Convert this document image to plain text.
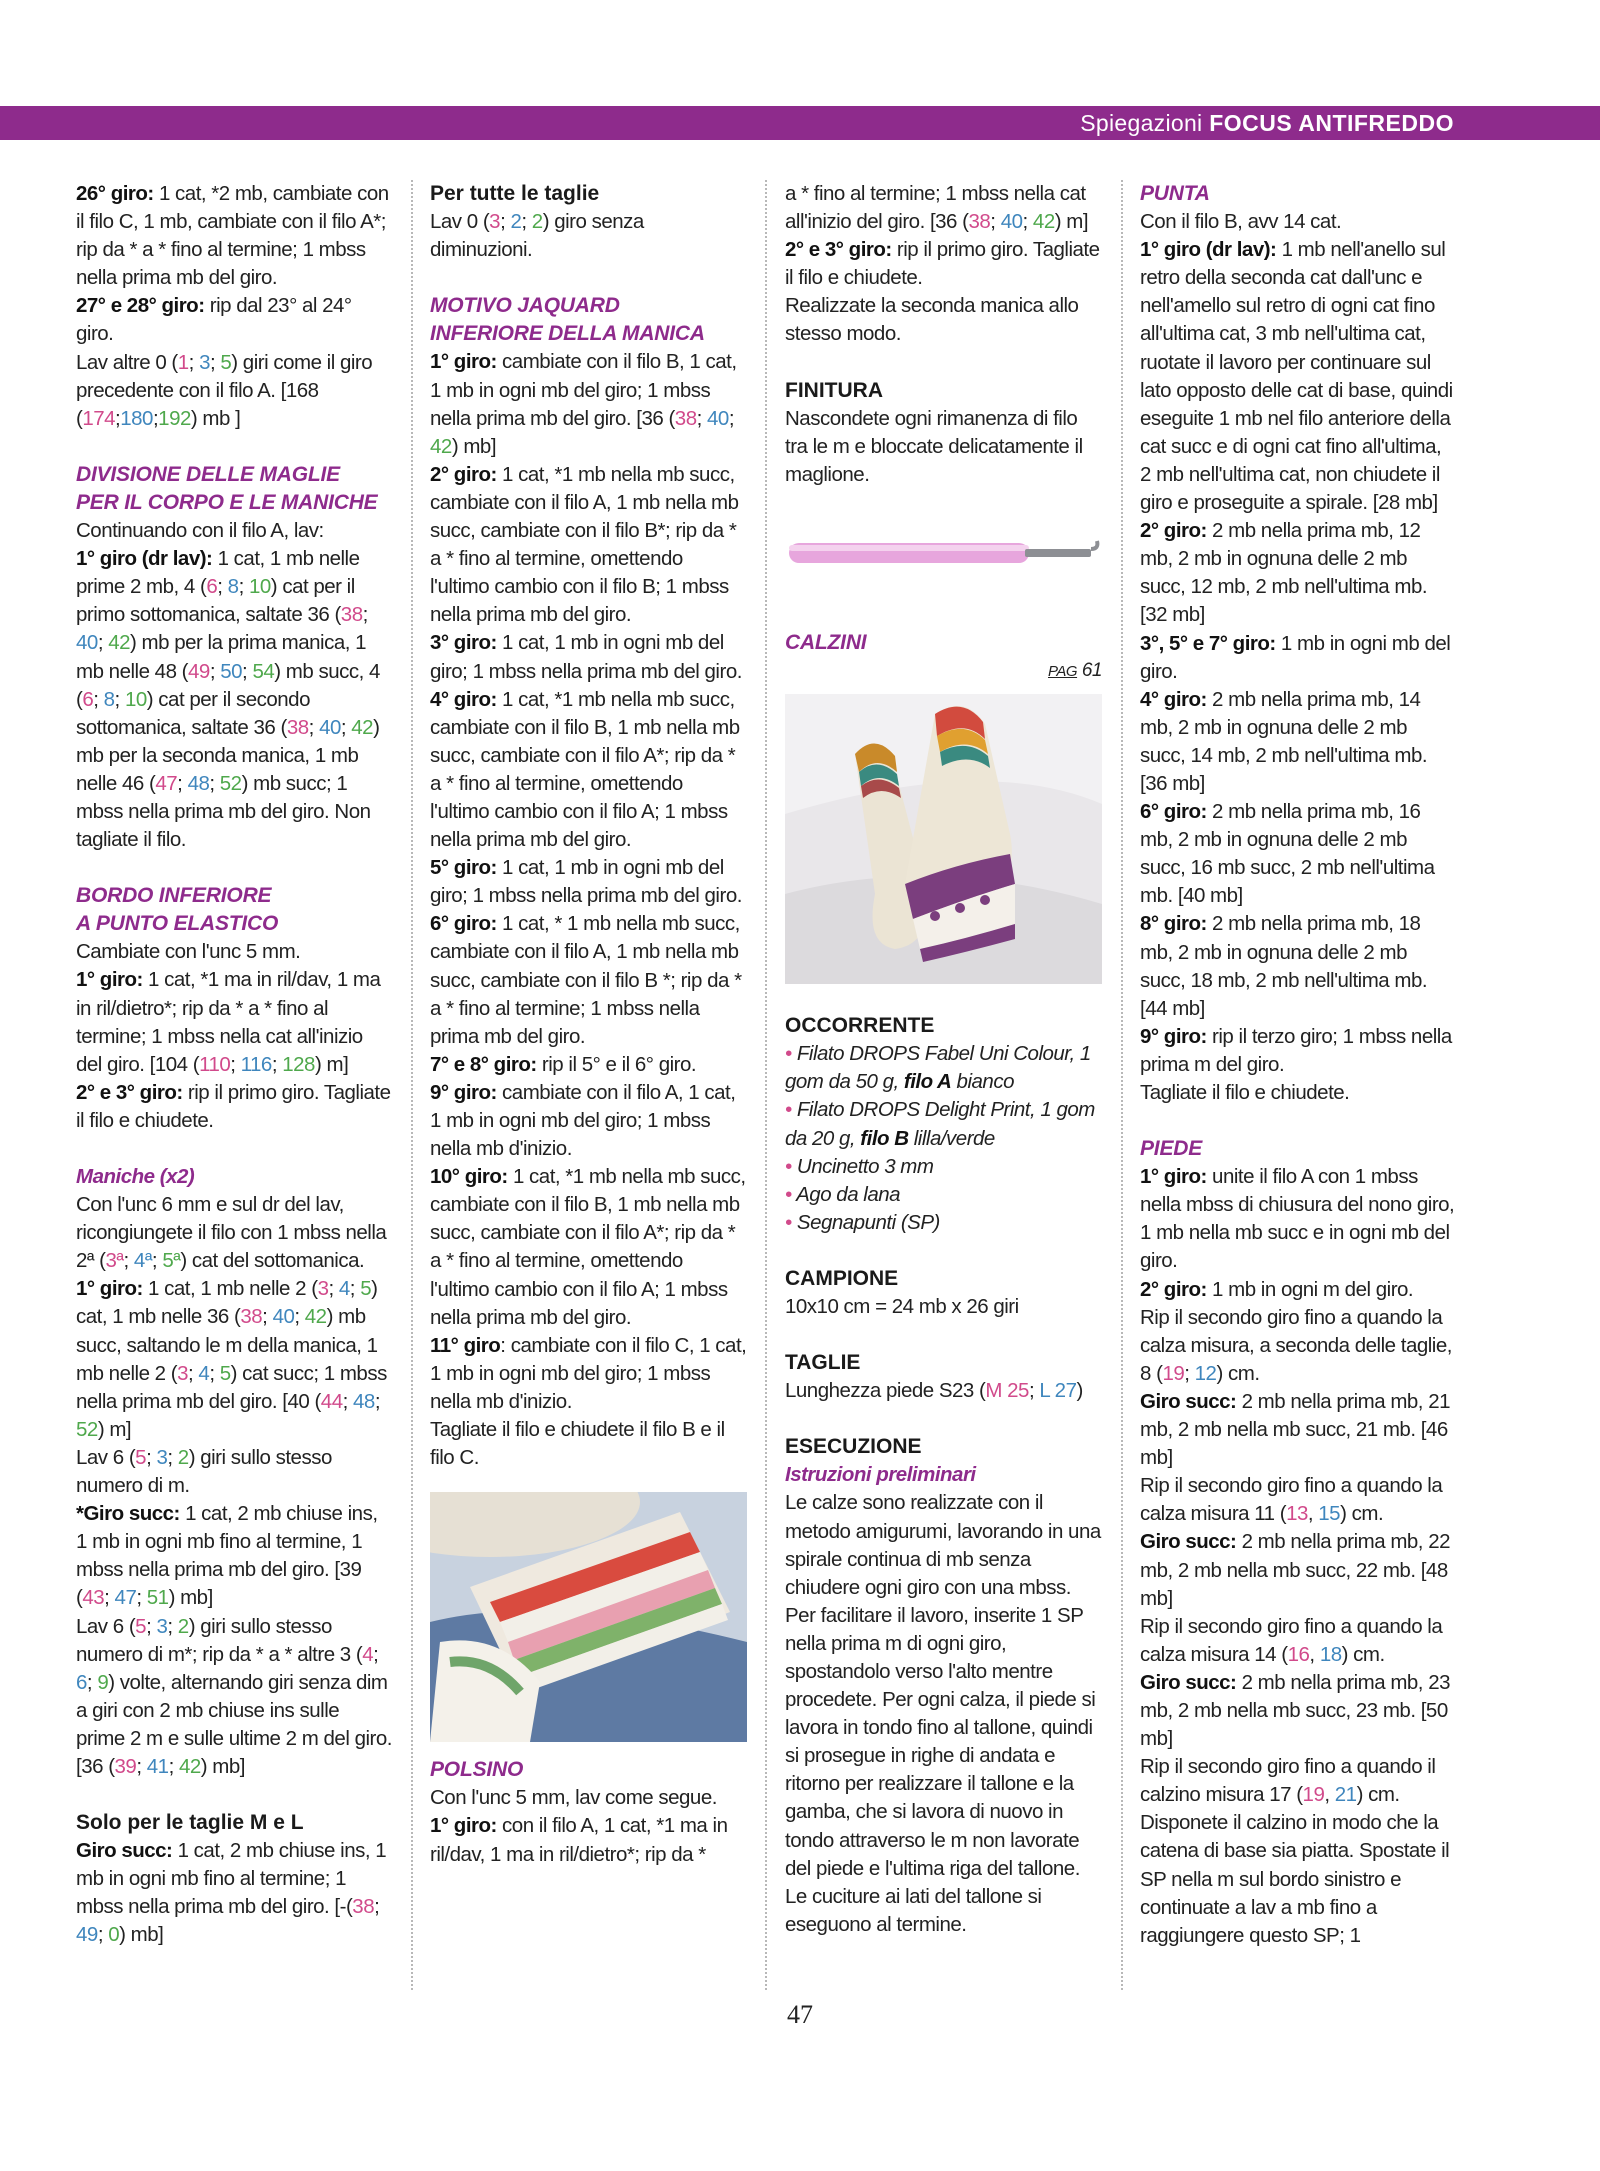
Spiegazioni FOCUS ANTIFREDDO

26° giro: 1 cat, *2 mb, cambiate con il filo C, 1 mb, cambiate con il filo A*; rip da * a * fino al termine; 1 mbss nella prima mb del giro.

27° e 28° giro: rip dal 23° al 24° giro.

Lav altre 0 (1; 3; 5) giri come il giro precedente con il filo A. [168 (174;180;192) mb ]

DIVISIONE DELLE MAGLIE

PER IL CORPO E LE MANICHE

Continuando con il filo A, lav:

1° giro (dr lav): 1 cat, 1 mb nelle prime 2 mb, 4 (6; 8; 10) cat per il primo sottomanica, saltate 36 (38; 40; 42) mb per la prima manica, 1 mb nelle 48 (49; 50; 54) mb succ, 4 (6; 8; 10) cat per il secondo sottomanica, saltate 36 (38; 40; 42) mb per la seconda manica, 1 mb nelle 46 (47; 48; 52) mb succ; 1 mbss nella prima mb del giro. Non tagliate il filo.

BORDO INFERIORE

A PUNTO ELASTICO

Cambiate con l'unc 5 mm.

1° giro: 1 cat, *1 ma in ril/dav, 1 ma in ril/dietro*; rip da * a * fino al termine; 1 mbss nella cat all'inizio del giro. [104 (110; 116; 128) m]

2° e 3° giro: rip il primo giro. Tagliate il filo e chiudete.

Maniche (x2)

Con l'unc 6 mm e sul dr del lav, ricongiungete il filo con 1 mbss nella 2ª (3ª; 4ª; 5ª) cat del sottomanica.

1° giro: 1 cat, 1 mb nelle 2 (3; 4; 5) cat, 1 mb nelle 36 (38; 40; 42) mb succ, saltando le m della manica, 1 mb nelle 2 (3; 4; 5) cat succ; 1 mbss nella prima mb del giro. [40 (44; 48; 52) m]

Lav 6 (5; 3; 2) giri sullo stesso numero di m.

*Giro succ: 1 cat, 2 mb chiuse ins, 1 mb in ogni mb fino al termine, 1 mbss nella prima mb del giro. [39 (43; 47; 51) mb]

Lav 6 (5; 3; 2) giri sullo stesso numero di m*; rip da * a * altre 3 (4; 6; 9) volte, alternando giri senza dim a giri con 2 mb chiuse ins sulle prime 2 m e sulle ultime 2 m del giro. [36 (39; 41; 42) mb]

Solo per le taglie M e L

Giro succ: 1 cat, 2 mb chiuse ins, 1 mb in ogni mb fino al termine; 1 mbss nella prima mb del giro. [-(38; 49; 0) mb]

Per tutte le taglie

Lav 0 (3; 2; 2) giro senza diminuzioni.

MOTIVO JAQUARD

INFERIORE DELLA MANICA

1° giro: cambiate con il filo B, 1 cat, 1 mb in ogni mb del giro; 1 mbss nella prima mb del giro. [36 (38; 40; 42) mb]

2° giro: 1 cat, *1 mb nella mb succ, cambiate con il filo A, 1 mb nella mb succ, cambiate con il filo B*; rip da * a * fino al termine, omettendo l'ultimo cambio con il filo B; 1 mbss nella prima mb del giro.

3° giro: 1 cat, 1 mb in ogni mb del giro; 1 mbss nella prima mb del giro.

4° giro: 1 cat, *1 mb nella mb succ, cambiate con il filo B, 1 mb nella mb succ, cambiate con il filo A*; rip da * a * fino al termine, omettendo l'ultimo cambio con il filo A; 1 mbss nella prima mb del giro.

5° giro: 1 cat, 1 mb in ogni mb del giro; 1 mbss nella prima mb del giro.

6° giro: 1 cat, * 1 mb nella mb succ, cambiate con il filo A, 1 mb nella mb succ, cambiate con il filo B *; rip da * a * fino al termine; 1 mbss nella prima mb del giro.

7° e 8° giro: rip il 5° e il 6° giro.

9° giro: cambiate con il filo A, 1 cat, 1 mb in ogni mb del giro; 1 mbss nella mb d'inizio.

10° giro: 1 cat, *1 mb nella mb succ, cambiate con il filo B, 1 mb nella mb succ, cambiate con il filo A*; rip da * a * fino al termine, omettendo l'ultimo cambio con il filo A; 1 mbss nella prima mb del giro.

11° giro: cambiate con il filo C, 1 cat, 1 mb in ogni mb del giro; 1 mbss nella mb d'inizio.

Tagliate il filo e chiudete il filo B e il filo C.

POLSINO

Con l'unc 5 mm, lav come segue.

1° giro: con il filo A, 1 cat, *1 ma in ril/dav, 1 ma in ril/dietro*; rip da *

a * fino al termine; 1 mbss nella cat all'inizio del giro. [36 (38; 40; 42) m]

2° e 3° giro: rip il primo giro. Tagliate il filo e chiudete.

Realizzate la seconda manica allo stesso modo.

FINITURA

Nascondete ogni rimanenza di filo tra le m e bloccate delicatamente il maglione.

CALZINI

PAG 61

OCCORRENTE

• Filato DROPS Fabel Uni Colour, 1 gom da 50 g, filo A bianco

• Filato DROPS Delight Print, 1 gom da 20 g, filo B lilla/verde

• Uncinetto 3 mm

• Ago da lana

• Segnapunti (SP)

CAMPIONE

10x10 cm = 24 mb x 26 giri

TAGLIE

Lunghezza piede S23 (M 25; L 27)

ESECUZIONE

Istruzioni preliminari

Le calze sono realizzate con il metodo amigurumi, lavorando in una spirale continua di mb senza chiudere ogni giro con una mbss. Per facilitare il lavoro, inserite 1 SP nella prima m di ogni giro, spostandolo verso l'alto mentre procedete. Per ogni calza, il piede si lavora in tondo fino al tallone, quindi si prosegue in righe di andata e ritorno per realizzare il tallone e la gamba, che si lavora di nuovo in tondo attraverso le m non lavorate del piede e l'ultima riga del tallone. Le cuciture ai lati del tallone si eseguono al termine.

PUNTA

Con il filo B, avv 14 cat.

1° giro (dr lav): 1 mb nell'anello sul retro della seconda cat dall'unc e nell'amello sul retro di ogni cat fino all'ultima cat, 3 mb nell'ultima cat, ruotate il lavoro per continuare sul lato opposto delle cat di base, quindi eseguite 1 mb nel filo anteriore della cat succ e di ogni cat fino all'ultima, 2 mb nell'ultima cat, non chiudete il giro e proseguite a spirale. [28 mb]

2° giro: 2 mb nella prima mb, 12 mb, 2 mb in ognuna delle 2 mb succ, 12 mb, 2 mb nell'ultima mb. [32 mb]

3°, 5° e 7° giro: 1 mb in ogni mb del giro.

4° giro: 2 mb nella prima mb, 14 mb, 2 mb in ognuna delle 2 mb succ, 14 mb, 2 mb nell'ultima mb. [36 mb]

6° giro: 2 mb nella prima mb, 16 mb, 2 mb in ognuna delle 2 mb succ, 16 mb succ, 2 mb nell'ultima mb. [40 mb]

8° giro: 2 mb nella prima mb, 18 mb, 2 mb in ognuna delle 2 mb succ, 18 mb, 2 mb nell'ultima mb. [44 mb]

9° giro: rip il terzo giro; 1 mbss nella prima m del giro.

Tagliate il filo e chiudete.

PIEDE

1° giro: unite il filo A con 1 mbss nella mbss di chiusura del nono giro, 1 mb nella mb succ e in ogni mb del giro.

2° giro: 1 mb in ogni m del giro.

Rip il secondo giro fino a quando la calza misura, a seconda delle taglie, 8 (19; 12) cm.

Giro succ: 2 mb nella prima mb, 21 mb, 2 mb nella mb succ, 21 mb. [46 mb]

Rip il secondo giro fino a quando la calza misura 11 (13, 15) cm.

Giro succ: 2 mb nella prima mb, 22 mb, 2 mb nella mb succ, 22 mb. [48 mb]

Rip il secondo giro fino a quando la calza misura 14 (16, 18) cm.

Giro succ: 2 mb nella prima mb, 23 mb, 2 mb nella mb succ, 23 mb. [50 mb]

Rip il secondo giro fino a quando il calzino misura 17 (19, 21) cm.

Disponete il calzino in modo che la catena di base sia piatta. Spostate il SP nella m sul bordo sinistro e continuate a lav a mb fino a raggiungere questo SP; 1

47
